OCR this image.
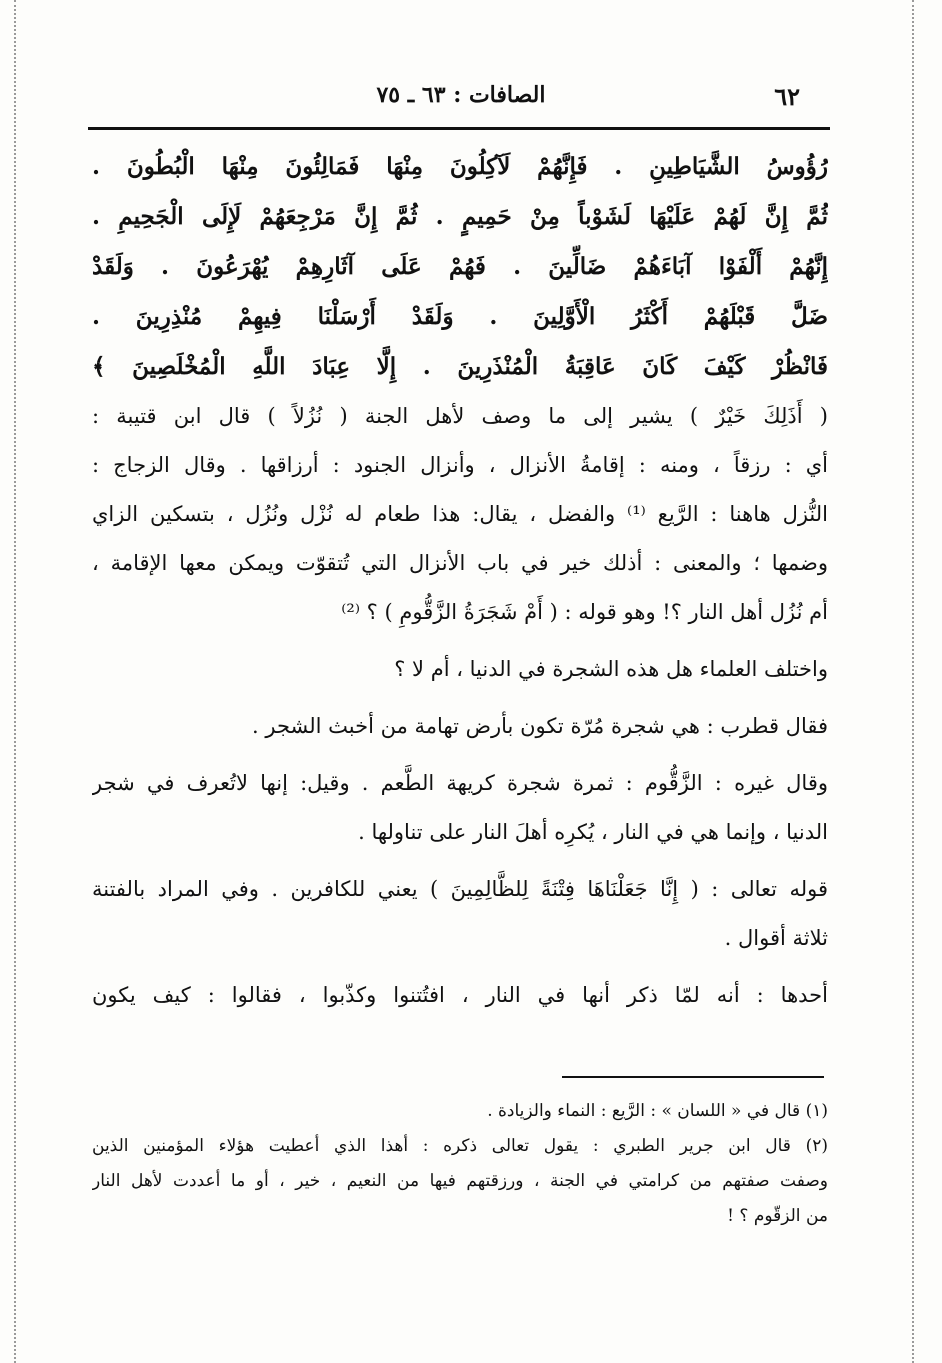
٦٢
الصافات : ٦٣ ـ ٧٥
رُؤُوسُ الشَّيَاطِينِ . فَإِنَّهُمْ لَآكِلُونَ مِنْهَا فَمَالِئُونَ مِنْهَا الْبُطُونَ .
ثُمَّ إِنَّ لَهُمْ عَلَيْهَا لَشَوْباً مِنْ حَمِيمٍ . ثُمَّ إِنَّ مَرْجِعَهُمْ لَإِلَى الْجَحِيمِ .
إِنَّهُمْ أَلْفَوْا آبَاءَهُمْ ضَالِّينَ . فَهُمْ عَلَى آثَارِهِمْ يُهْرَعُونَ . وَلَقَدْ
ضَلَّ قَبْلَهُمْ أَكْثَرُ الْأَوَّلِينَ . وَلَقَدْ أَرْسَلْنَا فِيهِمْ مُنْذِرِينَ .
فَانْظُرْ كَيْفَ كَانَ عَاقِبَةُ الْمُنْذَرِينَ . إِلَّا عِبَادَ اللَّهِ الْمُخْلَصِينَ ﴾
( أَذَلِكَ خَيْرٌ ) يشير إلى ما وصف لأهل الجنة ( نُزُلاً ) قال ابن قتيبة :
أي : رزقاً ، ومنه : إقامةُ الأنزال ، وأنزال الجنود : أرزاقها . وقال الزجاج :
النُّزل هاهنا : الرَّيع ⁽¹⁾ والفضل ، يقال: هذا طعام له نُزْل ونُزُل ، بتسكين الزاي
وضمها ؛ والمعنى : أذلك خير في باب الأنزال التي تُتقوّت ويمكن معها الإقامة ،
أم نُزُل أهل النار ؟! وهو قوله : ( أَمْ شَجَرَةُ الزَّقُّومِ ) ؟ ⁽²⁾
واختلف العلماء هل هذه الشجرة في الدنيا ، أم لا ؟
فقال قطرب : هي شجرة مُرّة تكون بأرض تهامة من أخبث الشجر .
وقال غيره : الزَّقُّوم : ثمرة شجرة كريهة الطَّعم . وقيل: إنها لاتُعرف في شجر
الدنيا ، وإنما هي في النار ، يُكرِه أهلَ النار على تناولها .
قوله تعالى : ( إِنَّا جَعَلْنَاهَا فِتْنَةً لِلظَّالِمِينَ ) يعني للكافرين . وفي المراد بالفتنة
ثلاثة أقوال .
أحدها : أنه لمّا ذكر أنها في النار ، افتُتنوا وكذّبوا ، فقالوا : كيف يكون
(١) قال في « اللسان » : الرَّيع : النماء والزيادة .
(٢) قال ابن جرير الطبري : يقول تعالى ذكره : أهذا الذي أعطيت هؤلاء المؤمنين الذين
وصفت صفتهم من كرامتي في الجنة ، ورزقتهم فيها من النعيم ، خير ، أو ما أعددت لأهل النار
من الزقّوم ؟ !
